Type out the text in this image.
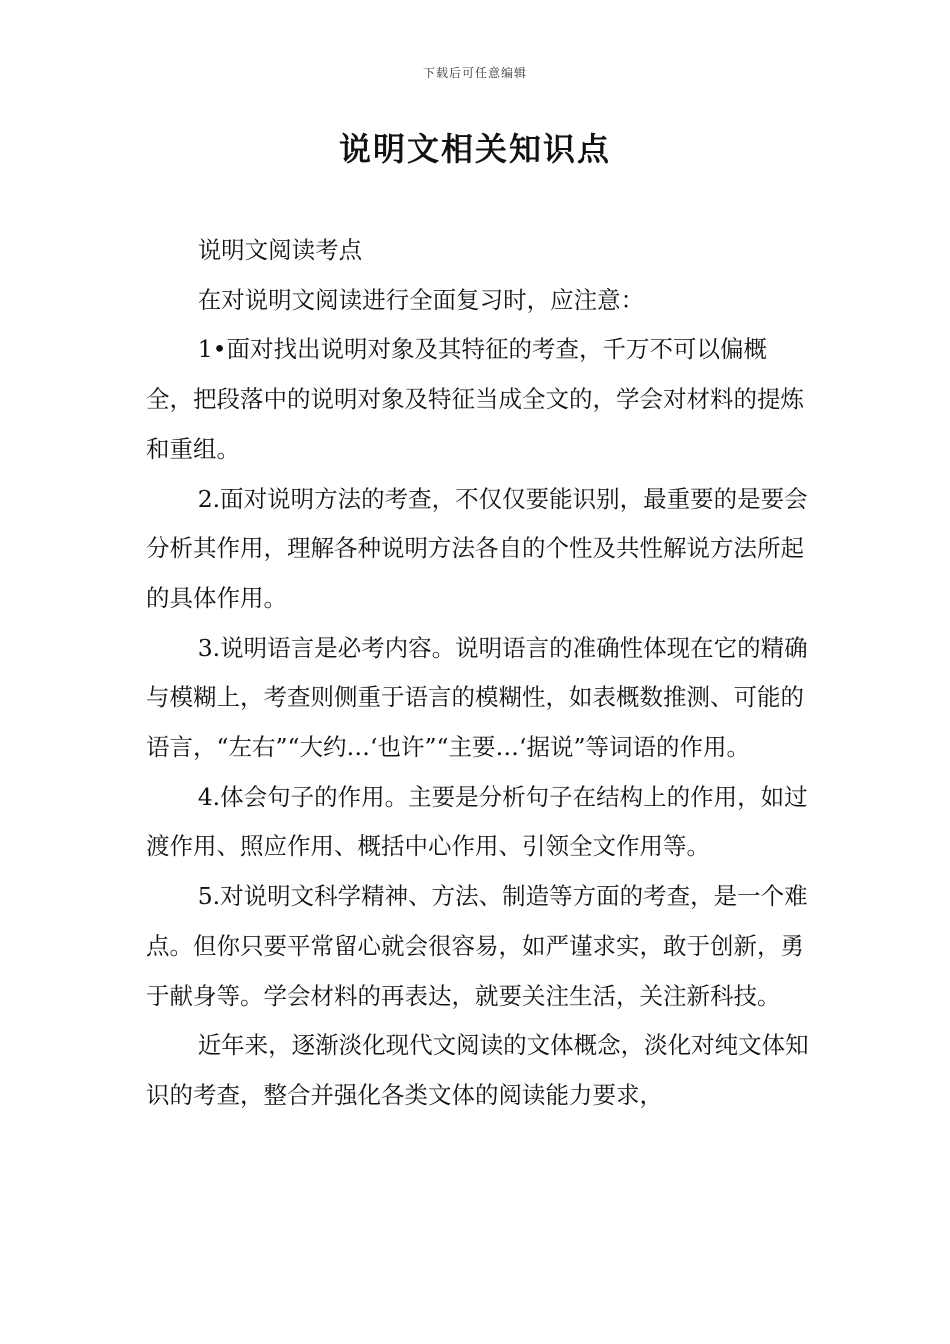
下载后可任意编辑
说明文相关知识点

说明文阅读考点

在对说明文阅读进行全面复习时，应注意：

1•面对找出说明对象及其特征的考查，千万不可以偏概全，把段落中的说明对象及特征当成全文的，学会对材料的提炼和重组。

2.面对说明方法的考查，不仅仅要能识别，最重要的是要会分析其作用，理解各种说明方法各自的个性及共性解说方法所起的具体作用。

3.说明语言是必考内容。说明语言的准确性体现在它的精确与模糊上，考查则侧重于语言的模糊性，如表概数推测、可能的语言，“左右”“大约…‘也许”“主要…‘据说”等词语的作用。

4.体会句子的作用。主要是分析句子在结构上的作用，如过渡作用、照应作用、概括中心作用、引领全文作用等。

5.对说明文科学精神、方法、制造等方面的考查，是一个难点。但你只要平常留心就会很容易，如严谨求实，敢于创新，勇于献身等。学会材料的再表达，就要关注生活，关注新科技。

近年来，逐渐淡化现代文阅读的文体概念，淡化对纯文体知识的考查，整合并强化各类文体的阅读能力要求，
